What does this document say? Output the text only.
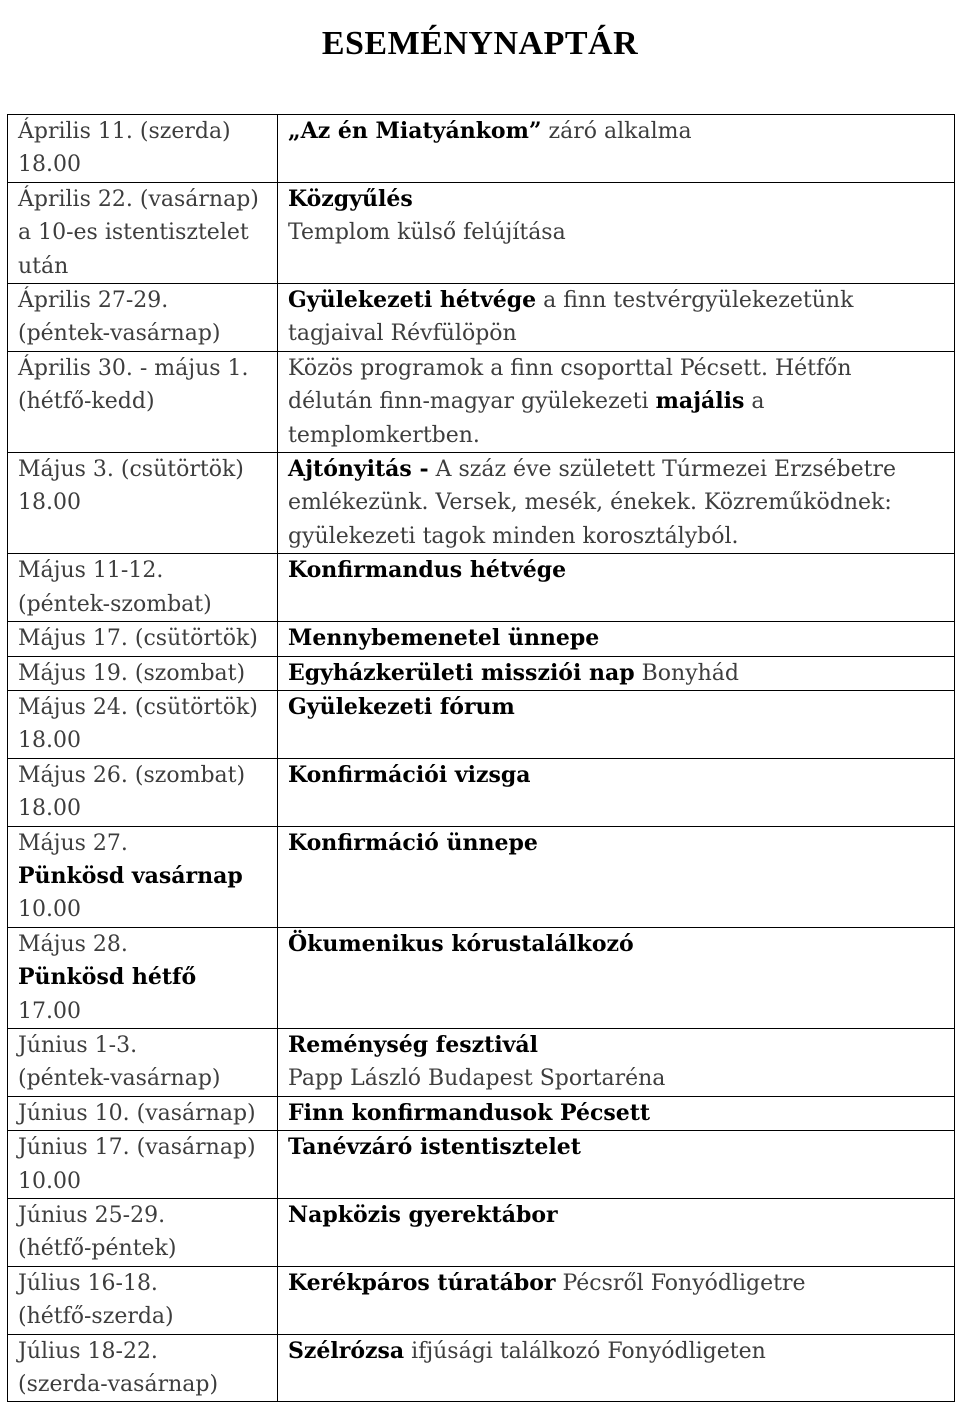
ESEMÉNYNAPTÁR
Április 11. (szerda)
18.00	„Az én Miatyánkom” záró alkalma

Április 22. (vasárnap)
a 10-es istentisztelet
után	Közgyűlés
Templom külső felújítása

Április 27-29.
(péntek-vasárnap)	Gyülekezeti hétvége a finn testvérgyülekezetünk
tagjaival Révfülöpön

Április 30. - május 1.
(hétfő-kedd)	Közös programok a finn csoporttal Pécsett. Hétfőn
délután finn-magyar gyülekezeti majális a
templomkertben.

Május 3. (csütörtök)
18.00	Ajtónyitás - A száz éve született Túrmezei Erzsébetre
emlékezünk. Versek, mesék, énekek. Közreműködnek:
gyülekezeti tagok minden korosztályból.

Május 11-12.
(péntek-szombat)	Konfirmandus hétvége

Május 17. (csütörtök)	Mennybemenetel ünnepe

Május 19. (szombat)	Egyházkerületi missziói nap Bonyhád

Május 24. (csütörtök)
18.00	Gyülekezeti fórum

Május 26. (szombat)
18.00	Konfirmációi vizsga

Május 27.
Pünkösd vasárnap
10.00	Konfirmáció ünnepe

Május 28.
Pünkösd hétfő
17.00	Ökumenikus kórustalálkozó

Június 1-3.
(péntek-vasárnap)	Reménység fesztivál
Papp László Budapest Sportaréna

Június 10. (vasárnap)	Finn konfirmandusok Pécsett

Június 17. (vasárnap)
10.00	Tanévzáró istentisztelet

Június 25-29.
(hétfő-péntek)	Napközis gyerektábor

Július 16-18.
(hétfő-szerda)	Kerékpáros túratábor Pécsről Fonyódligetre

Július 18-22.
(szerda-vasárnap)	Szélrózsa ifjúsági találkozó Fonyódligeten
